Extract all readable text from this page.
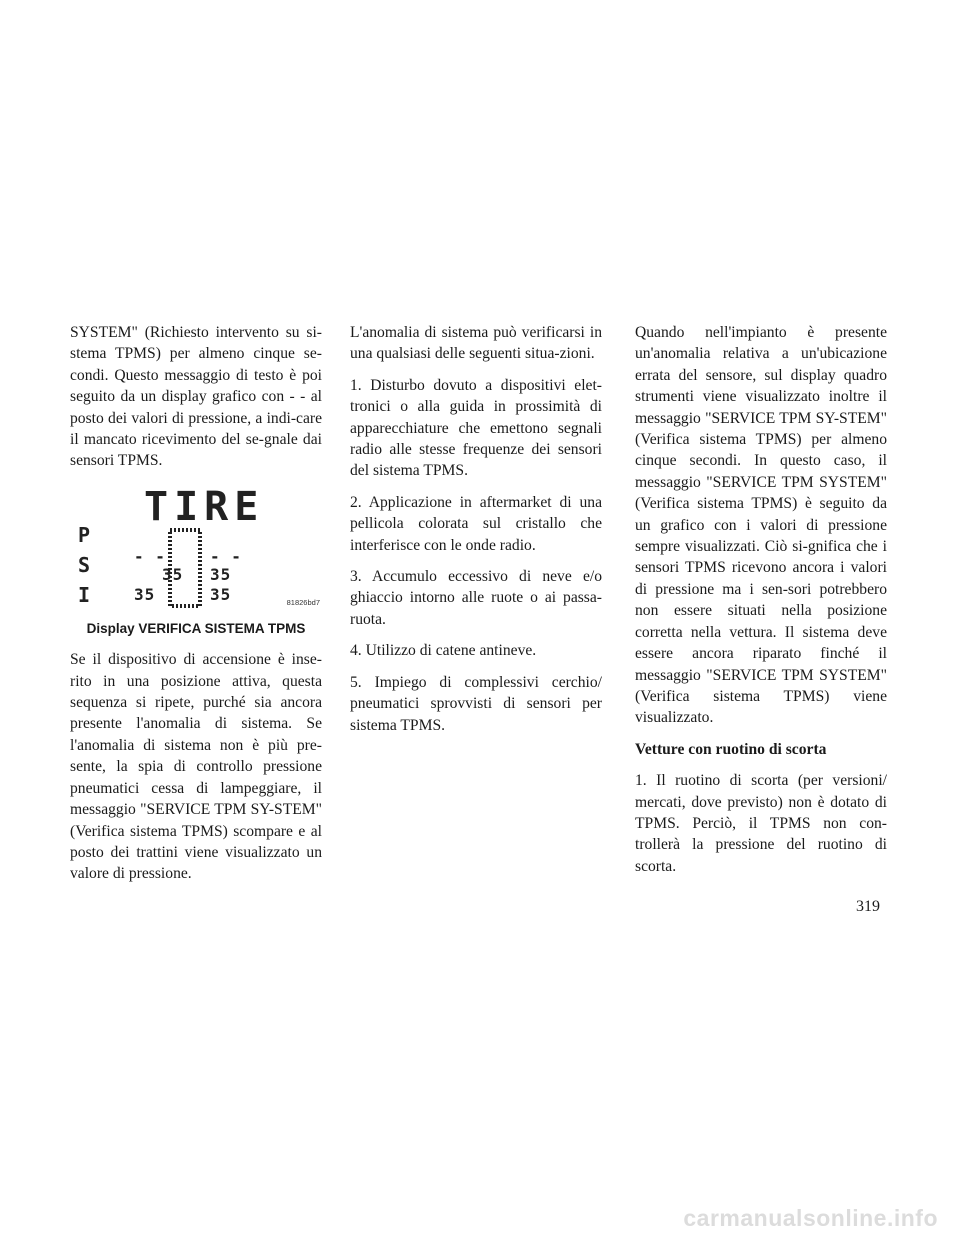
SYSTEM" (Richiesto intervento su si-stema TPMS) per almeno cinque se-condi. Questo messaggio di testo è poi seguito da un display grafico con - - al posto dei valori di pressione, a indi-care il mancato ricevimento del se-gnale dai sensori TPMS.

TIRE
P
S
I
- -	- -
35	35
35 35
81826bd7
Display VERIFICA SISTEMA TPMS

Se il dispositivo di accensione è inse-rito in una posizione attiva, questa sequenza si ripete, purché sia ancora presente l'anomalia di sistema. Se l'anomalia di sistema non è più pre-sente, la spia di controllo pressione pneumatici cessa di lampeggiare, il messaggio "SERVICE TPM SY-STEM" (Verifica sistema TPMS) scompare e al posto dei trattini viene visualizzato un valore di pressione.

L'anomalia di sistema può verificarsi in una qualsiasi delle seguenti situa-zioni.

1. Disturbo dovuto a dispositivi elet-tronici o alla guida in prossimità di apparecchiature che emettono segnali radio alle stesse frequenze dei sensori del sistema TPMS.

2. Applicazione in aftermarket di una pellicola colorata sul cristallo che interferisce con le onde radio.

3. Accumulo eccessivo di neve e/o ghiaccio intorno alle ruote o ai passa-ruota.

4. Utilizzo di catene antineve.

5. Impiego di complessivi cerchio/ pneumatici sprovvisti di sensori per sistema TPMS.

Quando nell'impianto è presente un'anomalia relativa a un'ubicazione errata del sensore, sul display quadro strumenti viene visualizzato inoltre il messaggio "SERVICE TPM SY-STEM" (Verifica sistema TPMS) per almeno cinque secondi. In questo caso, il messaggio "SERVICE TPM SYSTEM" (Verifica sistema TPMS) è seguito da un grafico con i valori di pressione sempre visualizzati. Ciò si-gnifica che i sensori TPMS ricevono ancora i valori di pressione ma i sen-sori potrebbero non essere situati nella posizione corretta nella vettura. Il sistema deve essere ancora riparato finché il messaggio "SERVICE TPM SYSTEM" (Verifica sistema TPMS) viene visualizzato.

Vetture con ruotino di scorta

1. Il ruotino di scorta (per versioni/ mercati, dove previsto) non è dotato di TPMS. Perciò, il TPMS non con-trollerà la pressione del ruotino di scorta.

319
carmanualsonline.info
